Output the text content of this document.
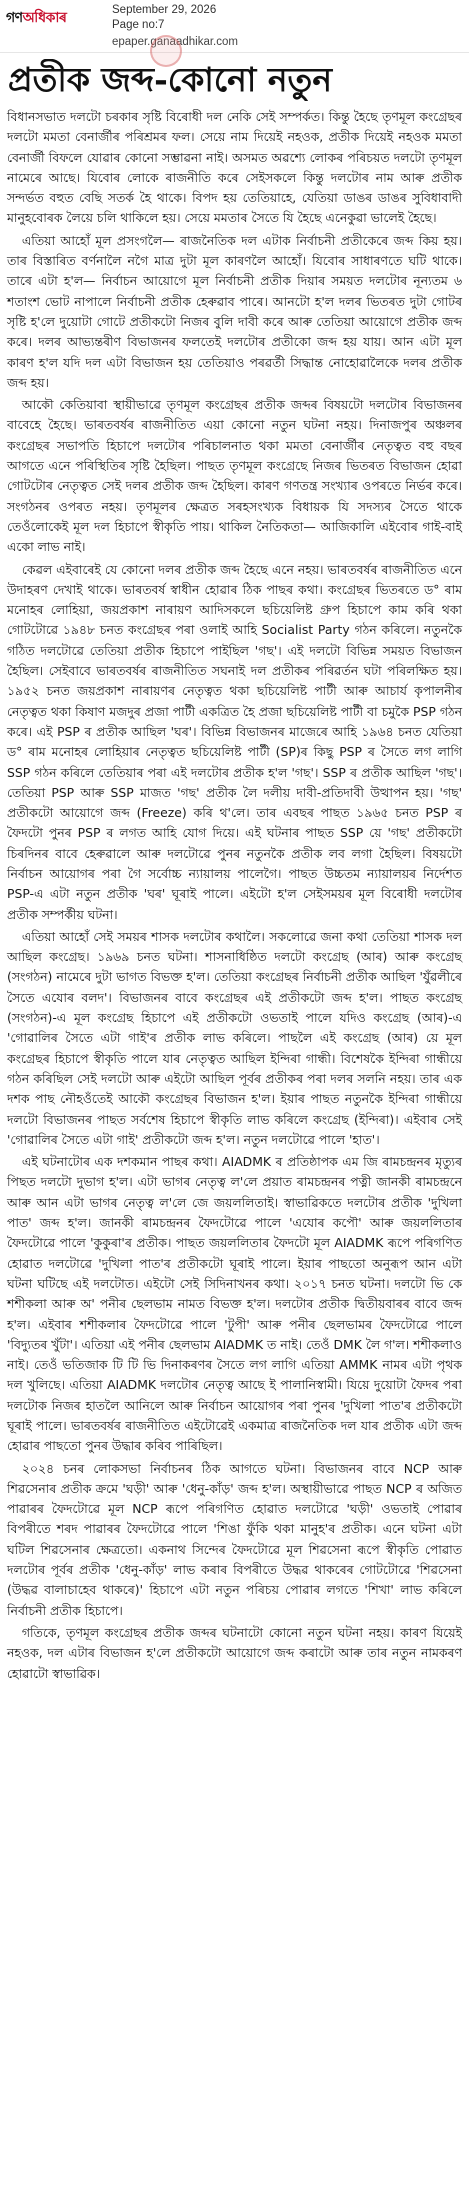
গণঅধিকাৰ	September 29, 2026
Page no:7
epaper.ganaadhikar.com
প্ৰতীক জব্দ-কোনো নতুন

বিধানসভাত দলটো চৰকাৰ সৃষ্টি বিৰোধী দল নেকি সেই সম্পৰ্কত। কিন্তু হৈছে তৃণমূল কংগ্ৰেছৰ দলটো মমতা বেনাৰ্জীৰ পৰিশ্ৰমৰ ফল। সেয়ে নাম দিয়েই নহওক, প্ৰতীক দিয়েই নহওক মমতা বেনাৰ্জী বিফলে যোৱাৰ কোনো সম্ভাৱনা নাই। অসমত অৱশ্যে লোকৰ পৰিচয়ত দলটো তৃণমূল নামেৰে আছে। যিবোৰ লোকে ৰাজনীতি কৰে সেইসকলে কিন্তু দলটোৰ নাম আৰু প্ৰতীক সন্দৰ্ভত বহুত বেছি সতৰ্ক হৈ থাকে। বিপদ হয় তেতিয়াহে, যেতিয়া ডাঙৰ ডাঙৰ সুবিধাবাদী মানুহবোৰক লৈয়ে চলি থাকিলে হয়। সেয়ে মমতাৰ সৈতে যি হৈছে এনেকুৱা ভালেই হৈছে।

এতিয়া আহোঁ মূল প্ৰসংগলৈ— ৰাজনৈতিক দল এটাক নিৰ্বাচনী প্ৰতীকেৰে জব্দ কিয় হয়। তাৰ বিস্তাৰিত বৰ্ণনালৈ নগৈ মাত্ৰ দুটা মূল কাৰণলৈ আহোঁ। যিবোৰ সাধাৰণতে ঘটি থাকে। তাৰে এটা হ'ল— নিৰ্বাচন আয়োগে মূল নিৰ্বাচনী প্ৰতীক দিয়াৰ সময়ত দলটোৰ নূন্যতম ৬ শতাংশ ভোট নাপালে নিৰ্বাচনী প্ৰতীক হেৰুৱাব পাৰে। আনটো হ'ল দলৰ ভিতৰত দুটা গোটৰ সৃষ্টি হ'লে দুয়োটা গোটে প্ৰতীকটো নিজৰ বুলি দাবী কৰে আৰু তেতিয়া আয়োগে প্ৰতীক জব্দ কৰে। দলৰ আভ্যন্তৰীণ বিভাজনৰ ফলতেই দলটোৰ প্ৰতীকো জব্দ হয় যায়। আন এটা মূল কাৰণ হ'ল যদি দল এটা বিভাজন হয় তেতিয়াও পৰৱৰ্তী সিদ্ধান্ত নোহোৱালৈকে দলৰ প্ৰতীক জব্দ হয়।

আকৌ কেতিয়াবা স্থায়ীভাৱে তৃণমূল কংগ্ৰেছৰ প্ৰতীক জব্দৰ বিষয়টো দলটোৰ বিভাজনৰ বাবেহে হৈছে। ভাৰতবৰ্ষৰ ৰাজনীতিত এয়া কোনো নতুন ঘটনা নহয়। দিনাজপুৰ অঞ্চলৰ কংগ্ৰেছৰ সভাপতি হিচাপে দলটোৰ পৰিচালনাত থকা মমতা বেনাৰ্জীৰ নেতৃত্বত বহু বছৰ আগতে এনে পৰিস্থিতিৰ সৃষ্টি হৈছিল। পাছত তৃণমূল কংগ্ৰেছে নিজৰ ভিতৰত বিভাজন হোৱা গোটটোৰ নেতৃত্বত সেই দলৰ প্ৰতীক জব্দ হৈছিল। কাৰণ গণতন্ত্ৰ সংখ্যাৰ ওপৰতে নিৰ্ভৰ কৰে। সংগঠনৰ ওপৰত নহয়। তৃণমূলৰ ক্ষেত্ৰত সৰহসংখ্যক বিধায়ক যি সদস্যৰ সৈতে থাকে তেওঁলোকেই মূল দল হিচাপে স্বীকৃতি পায়। থাকিল নৈতিকতা— আজিকালি এইবোৰ গাই-বাই একো লাভ নাই।

কেৱল এইবাৰেই যে কোনো দলৰ প্ৰতীক জব্দ হৈছে এনে নহয়। ভাৰতবৰ্ষৰ ৰাজনীতিত এনে উদাহৰণ দেখাই থাকে। ভাৰতবৰ্ষ স্বাধীন হোৱাৰ ঠিক পাছৰ কথা। কংগ্ৰেছৰ ভিতৰতে ড° ৰাম মনোহৰ লোহিয়া, জয়প্ৰকাশ নাৰায়ণ আদিসকলে ছচিয়েলিষ্ট গ্ৰুপ হিচাপে কাম কৰি থকা গোটটোৱে ১৯৪৮ চনত কংগ্ৰেছৰ পৰা ওলাই আহি Socialist Party গঠন কৰিলে। নতুনকৈ গঠিত দলটোৱে তেতিয়া প্ৰতীক হিচাপে পাইছিল 'গছ'। এই দলটো বিভিন্ন সময়ত বিভাজন হৈছিল। সেইবাবে ভাৰতবৰ্ষৰ ৰাজনীতিত সঘনাই দল প্ৰতীকৰ পৰিৱৰ্তন ঘটা পৰিলক্ষিত হয়। ১৯৫২ চনত জয়প্ৰকাশ নাৰায়ণৰ নেতৃত্বত থকা ছচিয়েলিষ্ট পাৰ্টী আৰু আচাৰ্য কৃপালনীৰ নেতৃত্বত থকা কিষাণ মজদুৰ প্ৰজা পাৰ্টী একত্ৰিত হৈ প্ৰজা ছচিয়েলিষ্ট পাৰ্টী বা চমুকৈ PSP গঠন কৰে। এই PSP ৰ প্ৰতীক আছিল 'ঘৰ'। বিভিন্ন বিভাজনৰ মাজেৰে আহি ১৯৬৪ চনত যেতিয়া ড° ৰাম মনোহৰ লোহিয়াৰ নেতৃত্বত ছচিয়েলিষ্ট পাৰ্টী (SP)ৰ কিছু PSP ৰ সৈতে লগ লাগি SSP গঠন কৰিলে তেতিয়াৰ পৰা এই দলটোৰ প্ৰতীক হ'ল 'গছ'। SSP ৰ প্ৰতীক আছিল 'গছ'। তেতিয়া PSP আৰু SSP মাজত 'গছ' প্ৰতীক লৈ দলীয় দাবী-প্ৰতিদাবী উত্থাপন হয়। 'গছ' প্ৰতীকটো আয়োগে জব্দ (Freeze) কৰি থ'লে। তাৰ এবছৰ পাছত ১৯৬৫ চনত PSP ৰ ফৈদটো পুনৰ PSP ৰ লগত আহি যোগ দিয়ে। এই ঘটনাৰ পাছত SSP য়ে 'গছ' প্ৰতীকটো চিৰদিনৰ বাবে হেৰুৱালে আৰু দলটোৱে পুনৰ নতুনকৈ প্ৰতীক লব লগা হৈছিল। বিষয়টো নিৰ্বাচন আয়োগৰ পৰা গৈ সৰ্বোচ্চ ন্যায়ালয় পালেগৈ। পাছত উচ্চতম ন্যায়ালয়ৰ নিৰ্দেশত PSP-এ এটা নতুন প্ৰতীক 'ঘৰ' ঘূৰাই পালে। এইটো হ'ল সেইসময়ৰ মূল বিৰোধী দলটোৰ প্ৰতীক সম্পৰ্কীয় ঘটনা।

এতিয়া আহোঁ সেই সময়ৰ শাসক দলটোৰ কথালৈ। সকলোৱে জনা কথা তেতিয়া শাসক দল আছিল কংগ্ৰেছ। ১৯৬৯ চনত ঘটনা। শাসনাধিষ্ঠিত দলটো কংগ্ৰেছ (আৰ) আৰু কংগ্ৰেছ (সংগঠন) নামেৰে দুটা ভাগত বিভক্ত হ'ল। তেতিয়া কংগ্ৰেছৰ নিৰ্বাচনী প্ৰতীক আছিল 'যুঁৱলীৰে সৈতে এযোৰ বলদ'। বিভাজনৰ বাবে কংগ্ৰেছৰ এই প্ৰতীকটো জব্দ হ'ল। পাছত কংগ্ৰেছ (সংগঠন)-এ মূল কংগ্ৰেছ হিচাপে এই প্ৰতীকটো ওভতাই পালে যদিও কংগ্ৰেছ (আৰ)-এ 'গোৱালিৰ সৈতে এটা গাই'ৰ প্ৰতীক লাভ কৰিলে। পাছলৈ এই কংগ্ৰেছ (আৰ) য়ে মূল কংগ্ৰেছৰ হিচাপে স্বীকৃতি পালে যাৰ নেতৃত্বত আছিল ইন্দিৰা গান্ধী। বিশেষকৈ ইন্দিৰা গান্ধীয়ে গঠন কৰিছিল সেই দলটো আৰু এইটো আছিল পূৰ্বৰ প্ৰতীকৰ পৰা দলৰ সলনি নহয়। তাৰ এক দশক পাছ নৌহওঁতেই আকৌ কংগ্ৰেছৰ বিভাজন হ'ল। ইয়াৰ পাছত নতুনকৈ ইন্দিৰা গান্ধীয়ে দলটো বিভাজনৰ পাছত সৰ্বশেষ হিচাপে স্বীকৃতি লাভ কৰিলে কংগ্ৰেছ (ইন্দিৰা)। এইবাৰ সেই 'গোৱালিৰ সৈতে এটা গাই' প্ৰতীকটো জব্দ হ'ল। নতুন দলটোৱে পালে 'হাত'।

এই ঘটনাটোৰ এক দশকমান পাছৰ কথা। AIADMK ৰ প্ৰতিষ্ঠাপক এম জি ৰামচন্দ্ৰনৰ মৃত্যুৰ পিছত দলটো দুভাগ হ'ল। এটা ভাগৰ নেতৃত্ব ল'লে প্ৰয়াত ৰামচন্দ্ৰনৰ পত্নী জানকী ৰামচন্দ্ৰনে আৰু আন এটা ভাগৰ নেতৃত্ব ল'লে জে জয়ললিতাই। স্বাভাৱিকতে দলটোৰ প্ৰতীক 'দুখিলা পাত' জব্দ হ'ল। জানকী ৰামচন্দ্ৰনৰ ফৈদটোৱে পালে 'এযোৰ কপৌ' আৰু জয়ললিতাৰ ফৈদটোৱে পালে 'কুকুৰা'ৰ প্ৰতীক। পাছত জয়ললিতাৰ ফৈদটো মূল AIADMK ৰূপে পৰিগণিত হোৱাত দলটোৱে 'দুখিলা পাত'ৰ প্ৰতীকটো ঘূৰাই পালে। ইয়াৰ পাছতো অনুৰূপ আন এটা ঘটনা ঘটিছে এই দলটোত। এইটো সেই সিদিনাখনৰ কথা। ২০১৭ চনত ঘটনা। দলটো ভি কে শশীকলা আৰু অ' পনীৰ ছেলভাম নামত বিভক্ত হ'ল। দলটোৰ প্ৰতীক দ্বিতীয়বাৰৰ বাবে জব্দ হ'ল। এইবাৰ শশীকলাৰ ফৈদটোৱে পালে 'টুপী' আৰু পনীৰ ছেলভামৰ ফৈদটোৱে পালে 'বিদ্যুতৰ খুঁটা'। এতিয়া এই পনীৰ ছেলভাম AIADMK ত নাই। তেওঁ DMK লৈ গ'ল। শশীকলাও নাই। তেওঁ ভতিজাক টি টি ভি দিনাকৰণৰ সৈতে লগ লাগি এতিয়া AMMK নামৰ এটা পৃথক দল খুলিছে। এতিয়া AIADMK দলটোৰ নেতৃত্ব আছে ই পালানিস্বামী। যিয়ে দুয়োটা ফৈদৰ পৰা দলটোক নিজৰ হাতলৈ আনিলে আৰু নিৰ্বাচন আয়োগৰ পৰা পুনৰ 'দুখিলা পাত'ৰ প্ৰতীকটো ঘূৰাই পালে। ভাৰতবৰ্ষৰ ৰাজনীতিত এইটোৱেই একমাত্ৰ ৰাজনৈতিক দল যাৰ প্ৰতীক এটা জব্দ হোৱাৰ পাছতো পুনৰ উদ্ধাৰ কৰিব পাৰিছিল।

২০২৪ চনৰ লোকসভা নিৰ্বাচনৰ ঠিক আগতে ঘটনা। বিভাজনৰ বাবে NCP আৰু শিৱসেনাৰ প্ৰতীক ক্ৰমে 'ঘড়ী' আৰু 'ধেনু-কাঁড়' জব্দ হ'ল। অস্থায়ীভাৱে পাছত NCP ৰ অজিত পাৱাৰৰ ফৈদটোৱে মূল NCP ৰূপে পৰিগণিত হোৱাত দলটোৱে 'ঘড়ী' ওভতাই পোৱাৰ বিপৰীতে শৰদ পাৱাৰৰ ফৈদটোৱে পালে 'শিঙা ফুঁকি থকা মানুহ'ৰ প্ৰতীক। এনে ঘটনা এটা ঘটিল শিৱসেনাৰ ক্ষেত্ৰতো। একনাথ সিন্দেৰ ফৈদটোৱে মূল শিৱসেনা ৰূপে স্বীকৃতি পোৱাত দলটোৰ পূৰ্বৰ প্ৰতীক 'ধেনু-কাঁড়' লাভ কৰাৰ বিপৰীতে উদ্ধৱ থাকৰেৰ গোটটোৱে 'শিৱসেনা (উদ্ধৱ বালাচাহেব থাকৰে)' হিচাপে এটা নতুন পৰিচয় পোৱাৰ লগতে 'শিখা' লাভ কৰিলে নিৰ্বাচনী প্ৰতীক হিচাপে।

গতিকে, তৃণমূল কংগ্ৰেছৰ প্ৰতীক জব্দৰ ঘটনাটো কোনো নতুন ঘটনা নহয়। কাৰণ যিয়েই নহওক, দল এটাৰ বিভাজন হ'লে প্ৰতীকটো আয়োগে জব্দ কৰাটো আৰু তাৰ নতুন নামকৰণ হোৱাটো স্বাভাৱিক।
